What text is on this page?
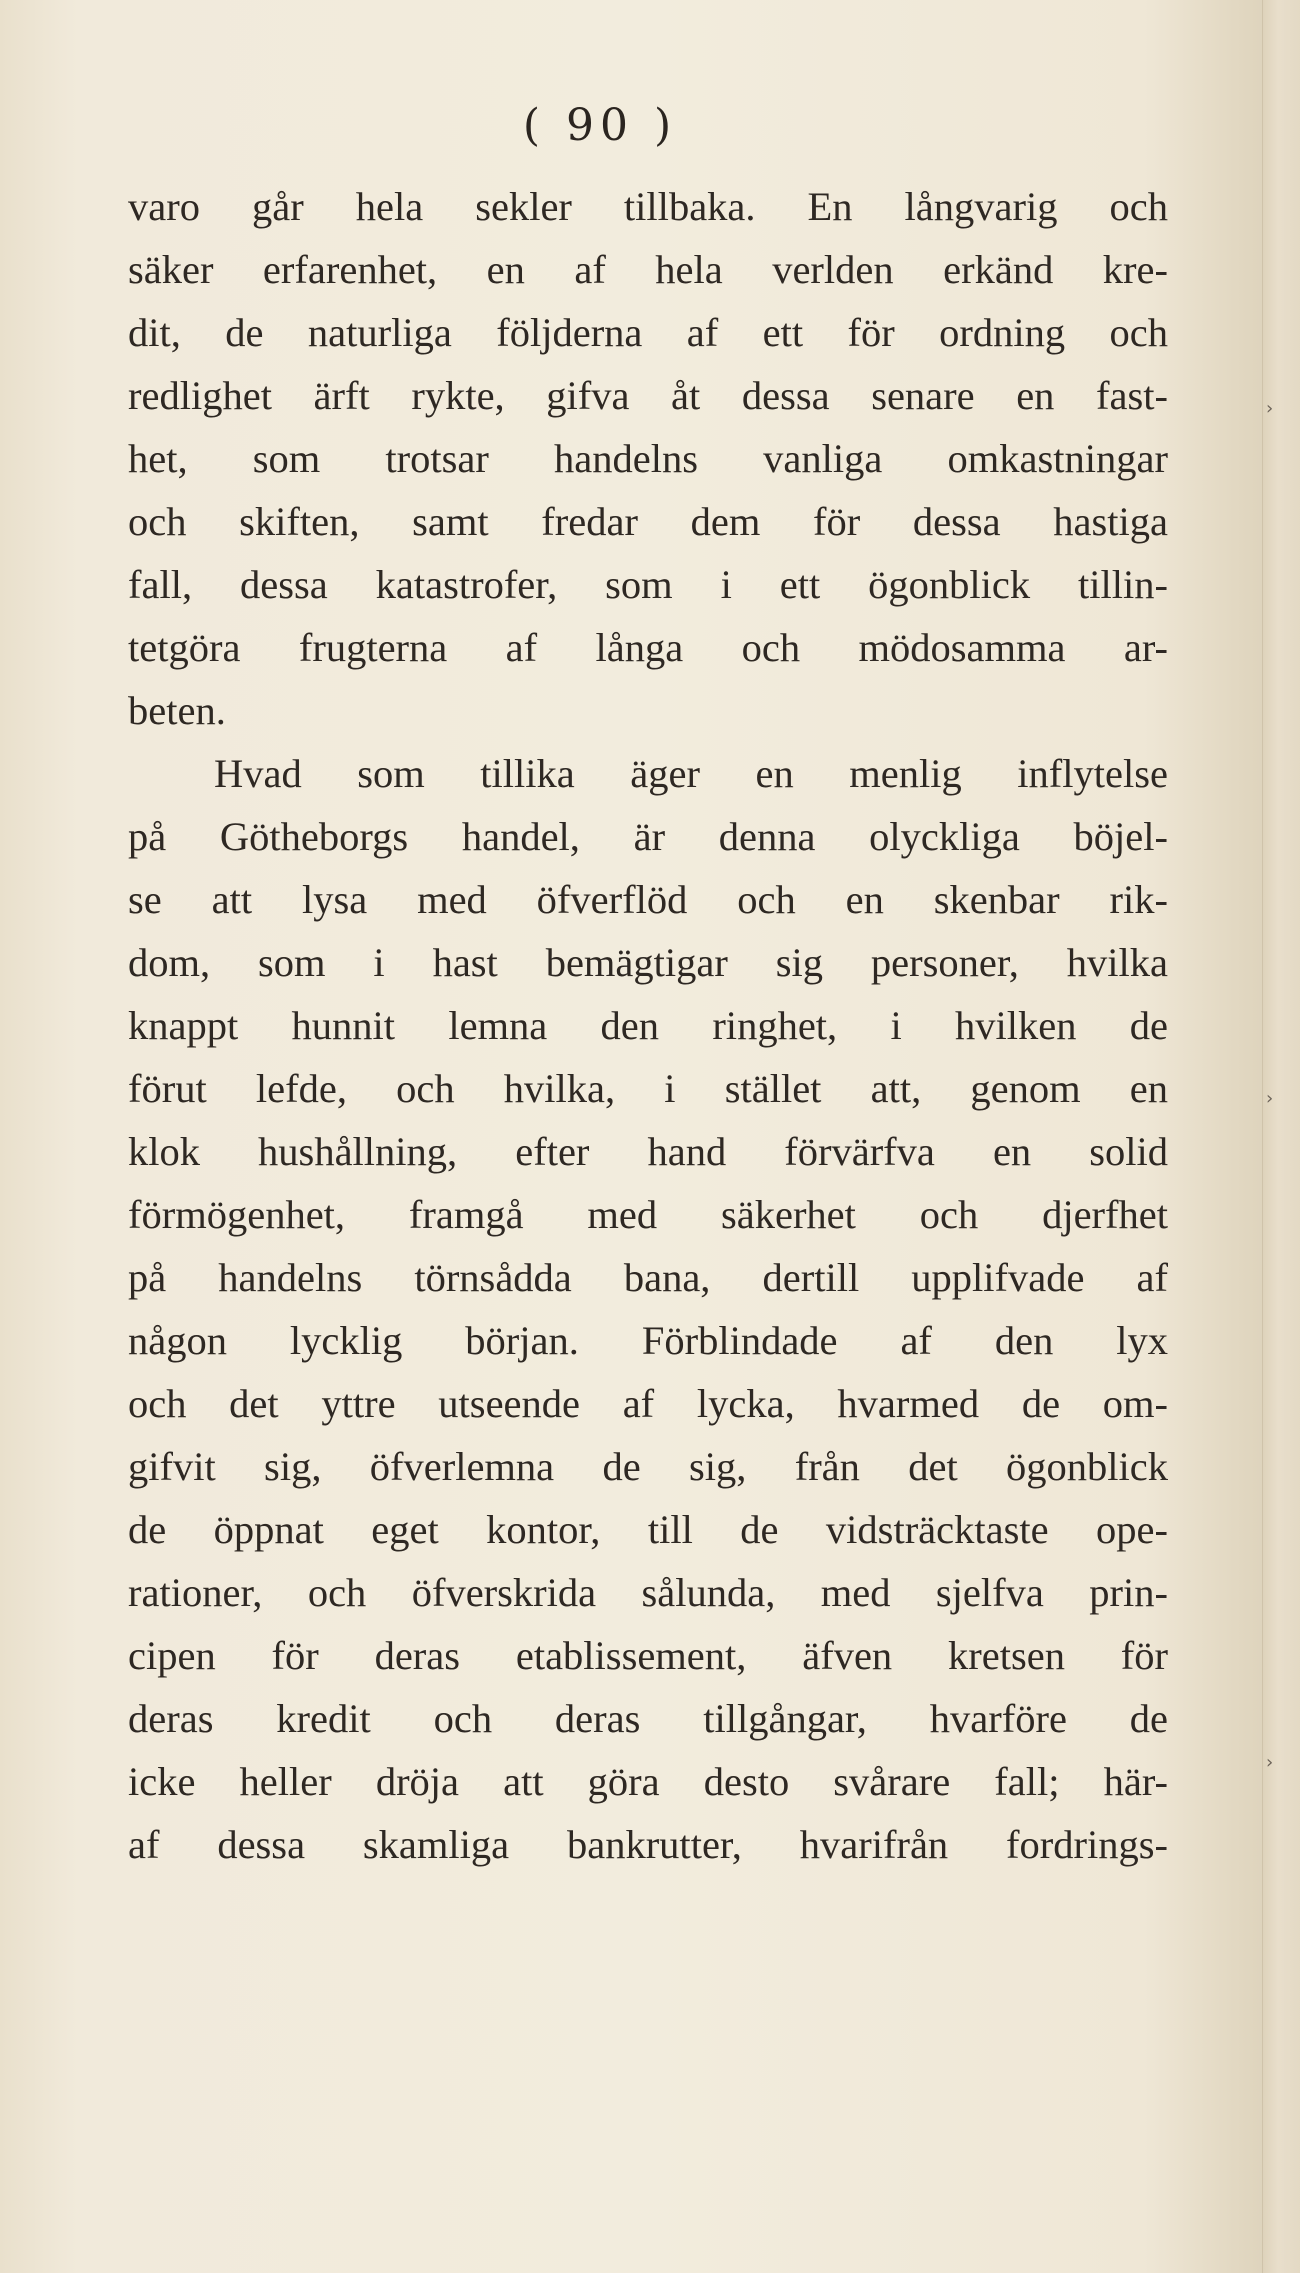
( 90 )
varo går hela sekler tillbaka. En långvarig och
säker erfarenhet, en af hela verlden erkänd kre-
dit, de naturliga följderna af ett för ordning och
redlighet ärft rykte, gifva åt dessa senare en fast-
het, som trotsar handelns vanliga omkastningar
och skiften, samt fredar dem för dessa hastiga
fall, dessa katastrofer, som i ett ögonblick tillin-
tetgöra frugterna af långa och mödosamma ar-
beten.
Hvad som tillika äger en menlig inflytelse
på Götheborgs handel, är denna olyckliga böjel-
se att lysa med öfverflöd och en skenbar rik-
dom, som i hast bemägtigar sig personer, hvilka
knappt hunnit lemna den ringhet, i hvilken de
förut lefde, och hvilka, i stället att, genom en
klok hushållning, efter hand förvärfva en solid
förmögenhet, framgå med säkerhet och djerfhet
på handelns törnsådda bana, dertill upplifvade af
någon lycklig början. Förblindade af den lyx
och det yttre utseende af lycka, hvarmed de om-
gifvit sig, öfverlemna de sig, från det ögonblick
de öppnat eget kontor, till de vidsträcktaste ope-
rationer, och öfverskrida sålunda, med sjelfva prin-
cipen för deras etablissement, äfven kretsen för
deras kredit och deras tillgångar, hvarföre de
icke heller dröja att göra desto svårare fall; här-
af dessa skamliga bankrutter, hvarifrån fordrings-
›
›
›
